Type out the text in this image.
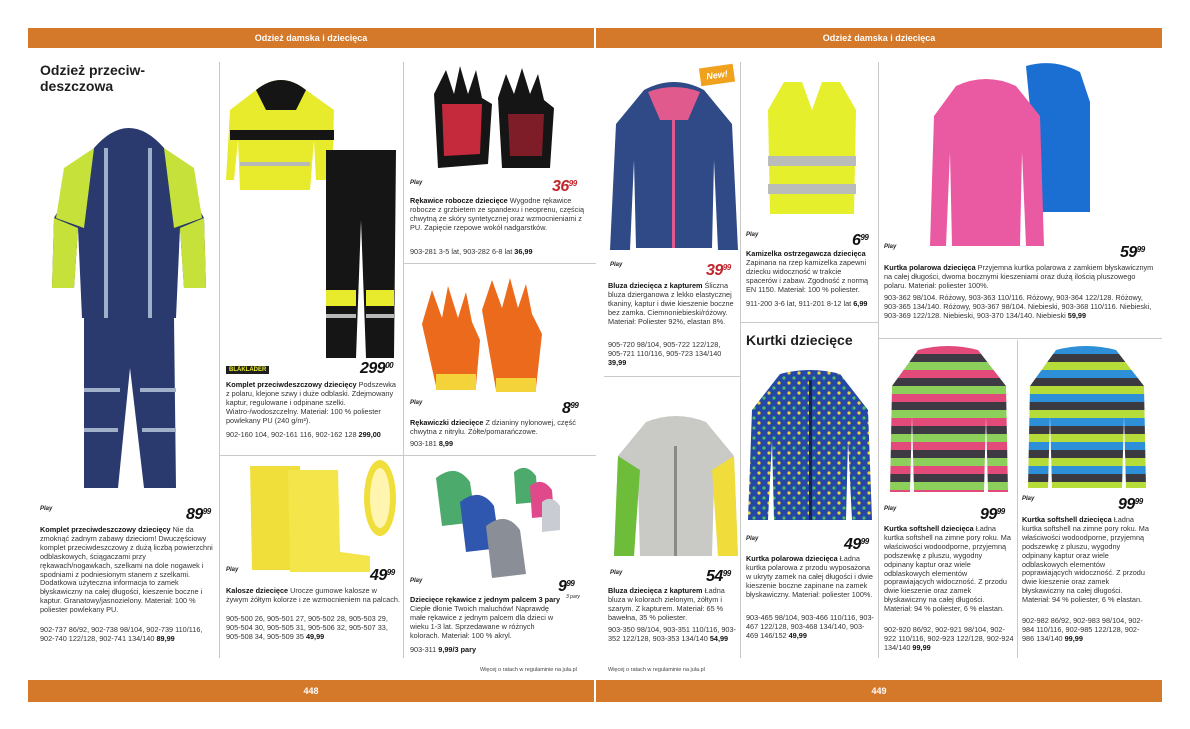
Odzież damska i dziecięca	Odzież damska i dziecięca
448	449
Odzież przeciw-
deszczowa
Kurtki dziecięce
New!
BLÅKLÄDER
Play
Play
Play
Play
Play
Play
Play
Play
Play
Play
Play
Play
$89^{99}$
$299^{00}$
$49^{99}$
$36^{99}$
$8^{99}$
$9^{99}$
$39^{99}$
$54^{99}$
$6^{99}$
$49^{99}$
$59^{99}$
$99^{99}$	$99^{99}$
Komplet przeciwdeszczowy dziecięcy Nie da zmoknąć żadnym zabawy dzieciom! Dwuczęściowy komplet przeciwdeszczowy z dużą liczbą powierzchni odblaskowych, ściągaczami przy rękawach/nogawkach, szelkami na dole nogawek i spodniami z podniesionym stanem z szelkami. Dodatkowa użyteczna informacja to zamek błyskawiczny na całej długości, kieszenie boczne i kaptur. Granatowy/jasnozielony. Materiał: 100 % poliester powlekany PU.
902-737 86/92, 902-738 98/104, 902-739 110/116, 902-740 122/128, 902-741 134/140 89,99
Komplet przeciwdeszczowy dziecięcy Podszewka z polaru, klejone szwy i duże odblaski. Zdejmowany kaptur, regulowane i odpinane szelki. Wiatro-/wodoszczelny. Materiał: 100 % poliester powlekany PU (240 g/m²).
902-160 104, 902-161 116, 902-162 128 299,00
Kalosze dziecięce Urocze gumowe kalosze w żywym żółtym kolorze i ze wzmocnieniem na palcach.
905-500 26, 905-501 27, 905-502 28, 905-503 29, 905-504 30, 905-505 31, 905-506 32, 905-507 33, 905-508 34, 905-509 35 49,99
Rękawice robocze dziecięce Wygodne rękawice robocze z grzbietem ze spandexu i neoprenu, częścią chwytną ze skóry syntetycznej oraz wzmocnieniami z PU. Zapięcie rzepowe wokół nadgarstków.
903-281 3-5 lat, 903-282 6-8 lat 36,99
Rękawiczki dziecięce Z dzianiny nylonowej, część chwytna z nitrylu. Żółte/pomarańczowe.
903-181 8,99
3 pary
Dziecięce rękawice z jednym palcem 3 pary Ciepłe dłonie Twoich maluchów! Naprawdę małe rękawice z jednym palcem dla dzieci w wieku 1-3 lat. Sprzedawane w różnych kolorach. Materiał: 100 % akryl.
903-311 9,99/3 pary
Bluza dziecięca z kapturem Śliczna bluza dzierganowa z lekko elastycznej tkaniny, kaptur i dwie kieszenie boczne bez zamka. Ciemnoniebieski/różowy. Materiał: Poliester 92%, elastan 8%.
905-720 98/104, 905-722 122/128, 905-721 110/116, 905-723 134/140 39,99
Bluza dziecięca z kapturem Ładna bluza w kolorach zielonym, żółtym i szarym. Z kapturem. Materiał: 65 % bawełna, 35 % poliester.
903-350 98/104, 903-351 110/116, 903-352 122/128, 903-353 134/140 54,99
Kamizelka ostrzegawcza dziecięca Zapinana na rzep kamizelka zapewni dziecku widoczność w trakcie spacerów i zabaw. Zgodność z normą EN 1150. Materiał: 100 % poliester.
911-200 3-6 lat, 911-201 8-12 lat 6,99
Kurtka polarowa dziecięca Ładna kurtka polarowa z przodu wyposażona w ukryty zamek na całej długości i dwie kieszenie boczne zapinane na zamek błyskawiczny. Materiał: poliester 100%.
903-465 98/104, 903-466 110/116, 903-467 122/128, 903-468 134/140, 903-469 146/152 49,99
Kurtka polarowa dziecięca Przyjemna kurtka polarowa z zamkiem błyskawicznym na całej długości, dwoma bocznymi kieszeniami oraz dużą ilością pluszowego polaru. Materiał: poliester 100%.
903-362 98/104. Różowy, 903-363 110/116. Różowy, 903-364 122/128. Różowy, 903-365 134/140. Różowy, 903-367 98/104. Niebieski, 903-368 110/116. Niebieski, 903-369 122/128. Niebieski, 903-370 134/140. Niebieski 59,99
Kurtka softshell dziecięca Ładna kurtka softshell na zimne pory roku. Ma właściwości wodoodporne, przyjemną podszewkę z pluszu, wygodny odpinany kaptur oraz wiele odblaskowych elementów poprawiających widoczność. Z przodu dwie kieszenie oraz zamek błyskawiczny na całej długości. Materiał: 94 % poliester, 6 % elastan.
902-920 86/92, 902-921 98/104, 902-922 110/116, 902-923 122/128, 902-924 134/140 99,99
Kurtka softshell dziecięca Ładna kurtka softshell na zimne pory roku. Ma właściwości wodoodporne, przyjemną podszewkę z pluszu, wygodny odpinany kaptur oraz wiele odblaskowych elementów poprawiających widoczność. Z przodu dwie kieszenie oraz zamek błyskawiczny na całej długości. Materiał: 94 % poliester, 6 % elastan.
902-982 86/92, 902-983 98/104, 902-984 110/116, 902-985 122/128, 902-986 134/140 99,99
Więcej o ratach w regulaminie na jula.pl	Więcej o ratach w regulaminie na jula.pl
